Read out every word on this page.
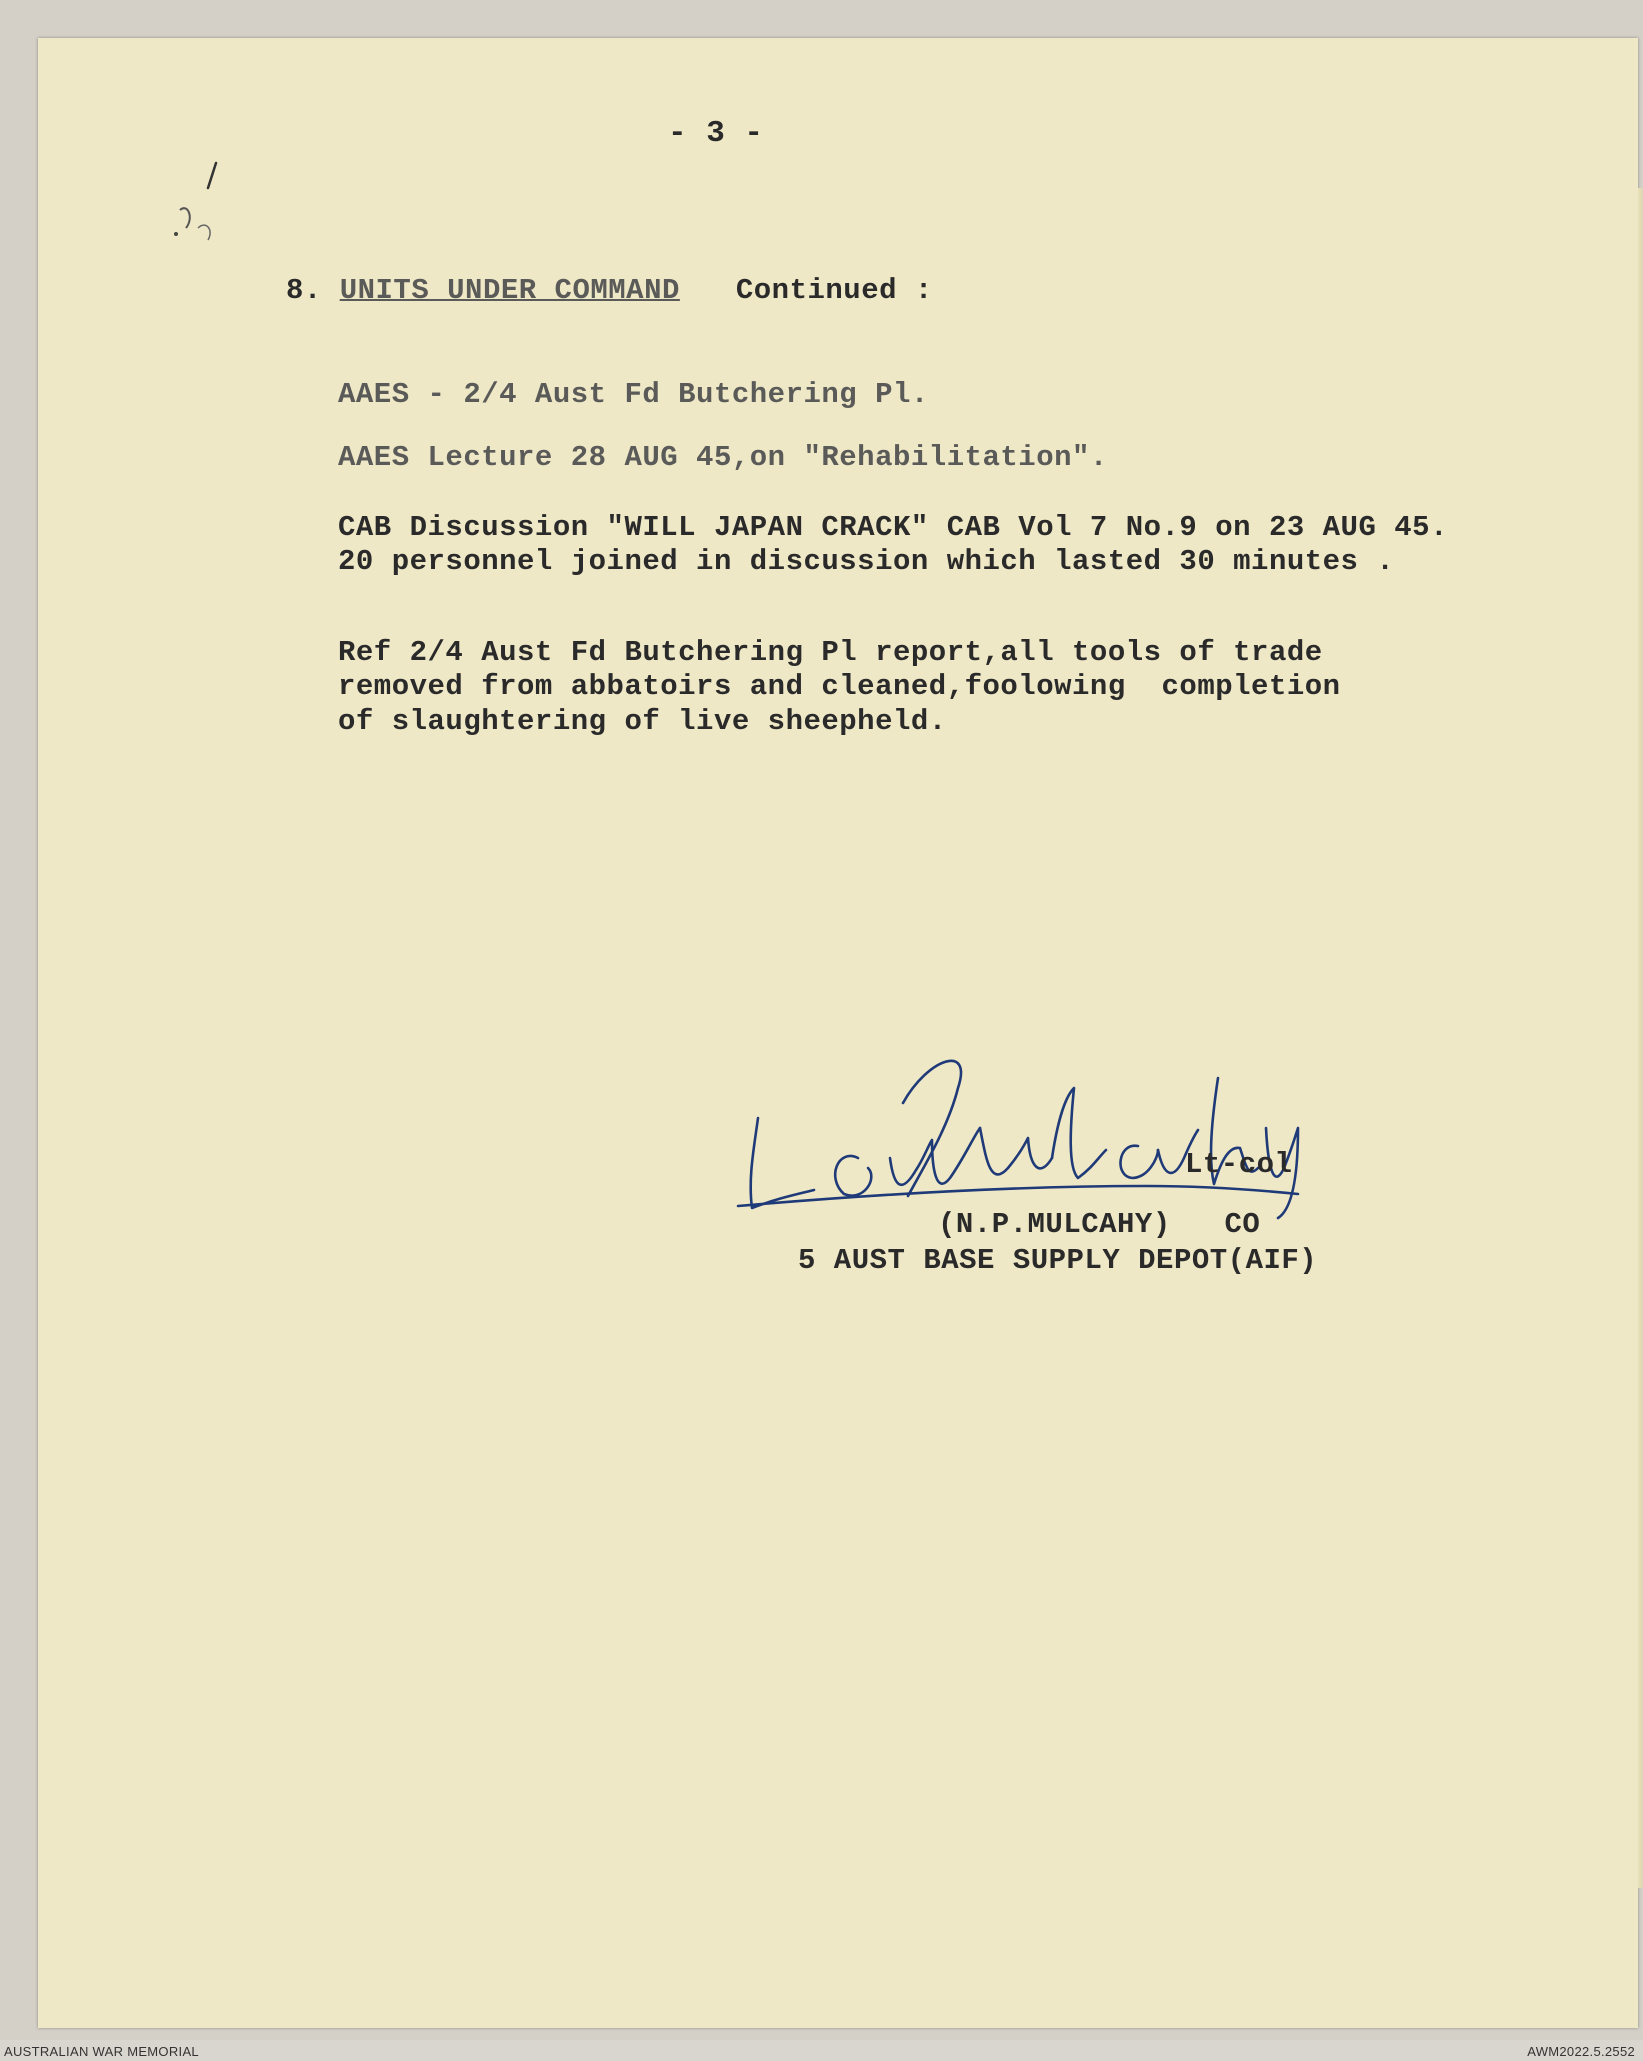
- 3 -
8. UNITS UNDER COMMAND Continued :
AAES - 2/4 Aust Fd Butchering Pl.
AAES Lecture 28 AUG 45,on "Rehabilitation".
CAB Discussion "WILL JAPAN CRACK" CAB Vol 7 No.9 on 23 AUG 45.
20 personnel joined in discussion which lasted 30 minutes .
Ref 2/4 Aust Fd Butchering Pl report,all tools of trade
removed from abbatoirs and cleaned,foolowing  completion
of slaughtering of live sheepheld.
L P Mulcahy
Lt-col
(N.P.MULCAHY)   CO
5 AUST BASE SUPPLY DEPOT(AIF)
AUSTRALIAN WAR MEMORIAL	AWM2022.5.2552
